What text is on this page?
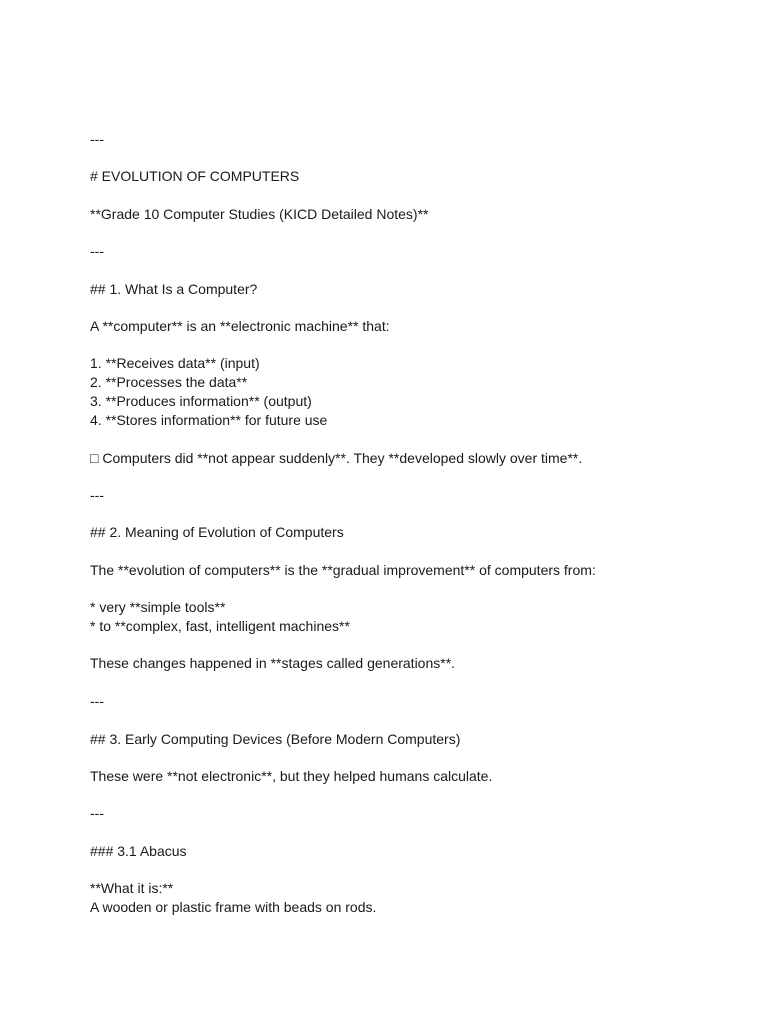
---
# EVOLUTION OF COMPUTERS
**Grade 10 Computer Studies (KICD Detailed Notes)**
---
## 1. What Is a Computer?
A **computer** is an **electronic machine** that:
1. **Receives data** (input)
2. **Processes the data**
3. **Produces information** (output)
4. **Stores information** for future use
□ Computers did **not appear suddenly**. They **developed slowly over time**.
---
## 2. Meaning of Evolution of Computers
The **evolution of computers** is the **gradual improvement** of computers from:
* very **simple tools**
* to **complex, fast, intelligent machines**
These changes happened in **stages called generations**.
---
## 3. Early Computing Devices (Before Modern Computers)
These were **not electronic**, but they helped humans calculate.
---
### 3.1 Abacus
**What it is:**
A wooden or plastic frame with beads on rods.
